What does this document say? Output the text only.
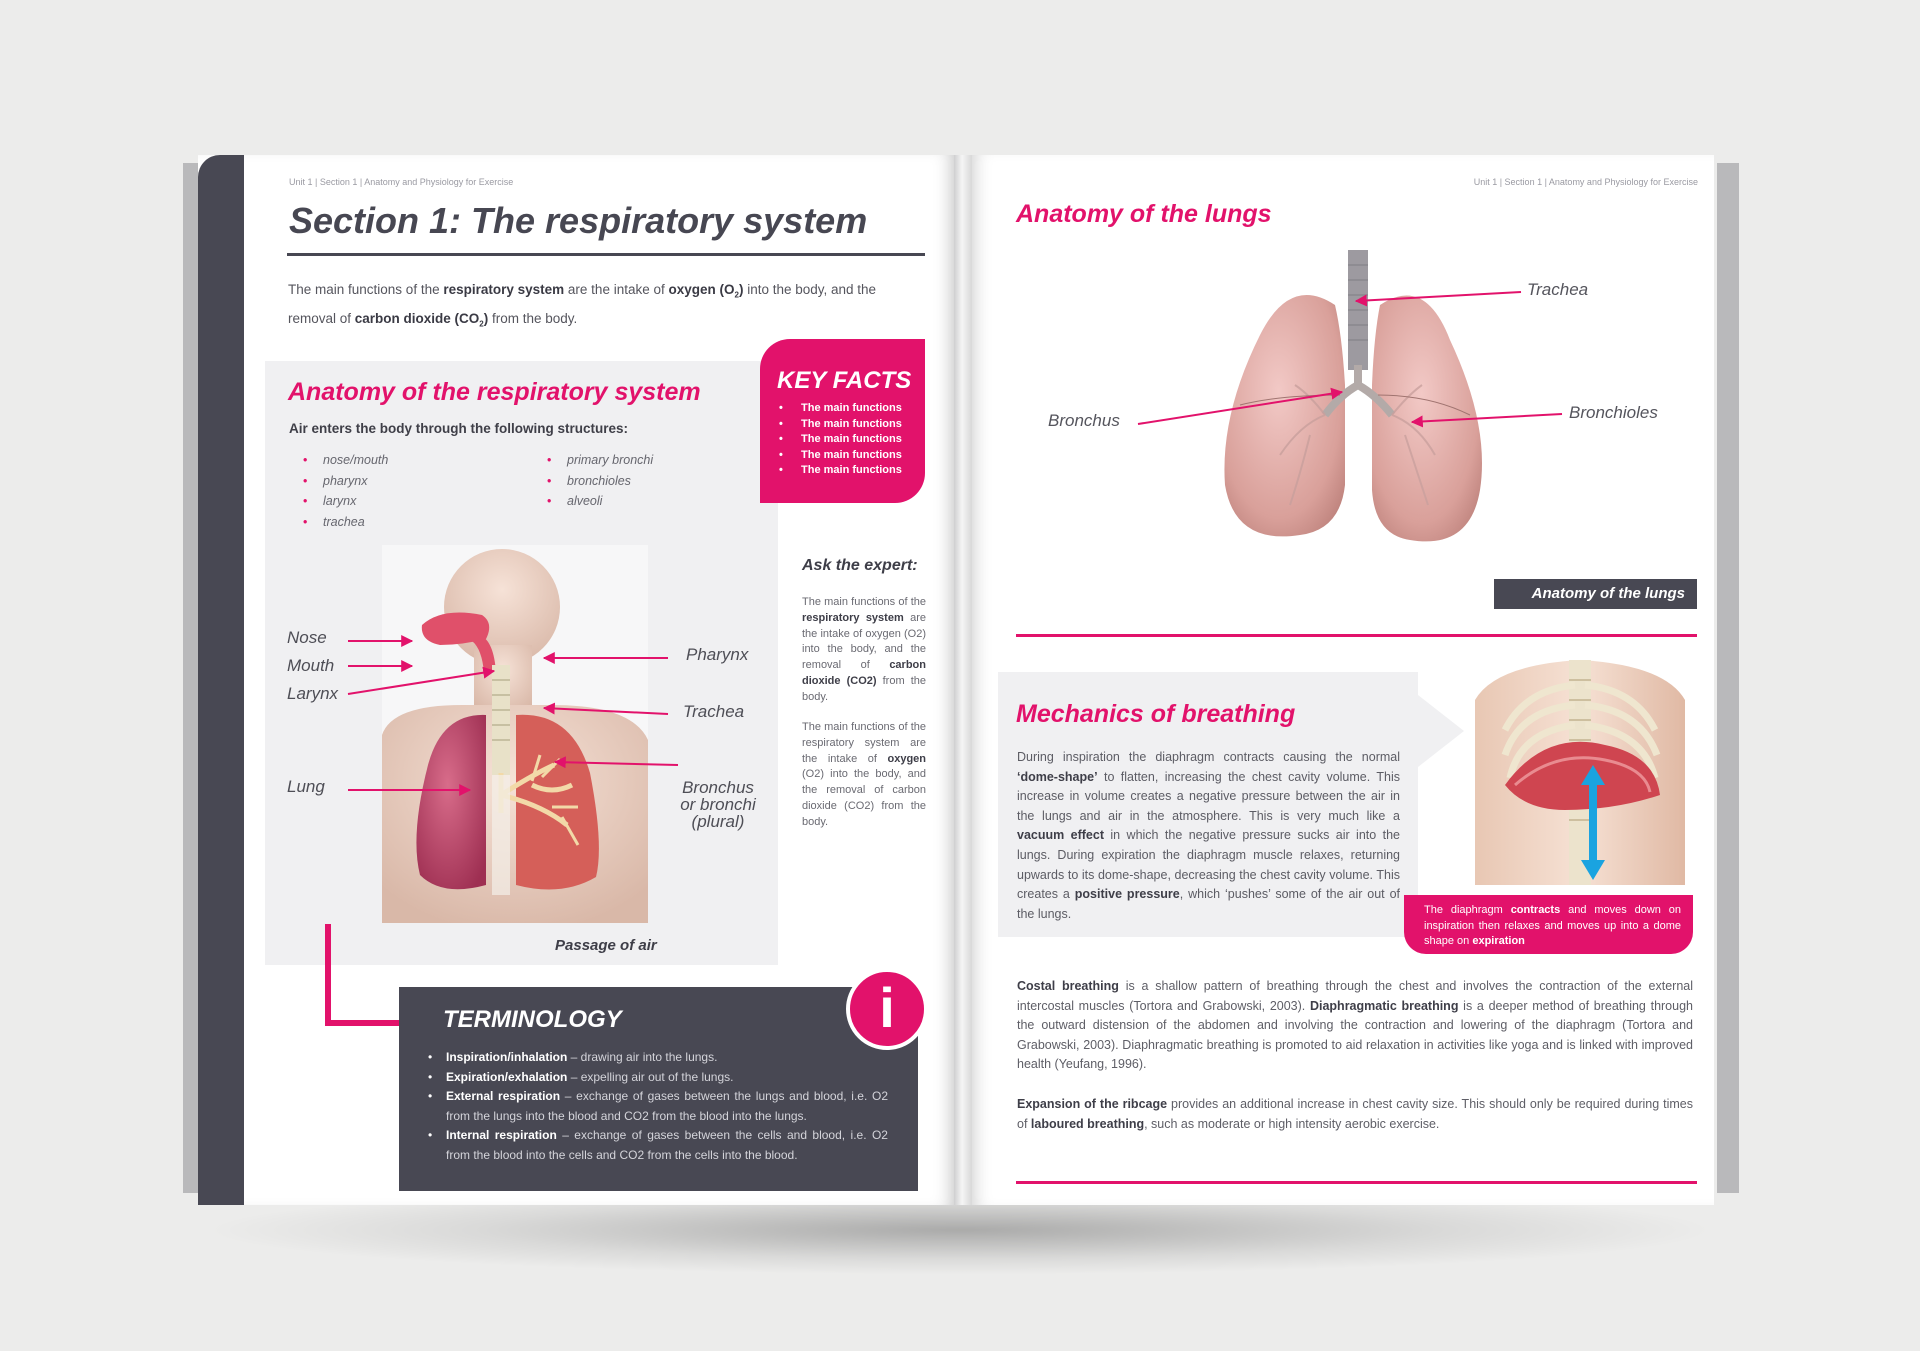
Unit 1 | Section 1 | Anatomy and Physiology for Exercise
Section 1: The respiratory system

The main functions of the respiratory system are the intake of oxygen $(O_2)$ into the body, and the removal of carbon dioxide $(CO_2)$ from the body.

Anatomy of the respiratory system
Air enters the body through the following structures:
• nose/mouth
• pharynx
• larynx
• trachea
• primary bronchi
• bronchioles
• alveoli
KEY FACTS
• The main functions
• The main functions
• The main functions
• The main functions
• The main functions
Ask the expert:

The main functions of the respiratory system are the intake of oxygen (O2) into the body, and the removal of carbon dioxide (CO2) from the body.

The main functions of the respiratory system are the intake of oxygen (O2) into the body, and the removal of carbon dioxide (CO2) from the body.

Nose
Mouth
Larynx
Lung
Pharynx
Trachea
Bronchus
or bronchi
(plural)
Passage of air
TERMINOLOGY
• Inspiration/inhalation – drawing air into the lungs.
• Expiration/exhalation – expelling air out of the lungs.
• External respiration – exchange of gases between the lungs and blood, i.e. O2 from the lungs into the blood and CO2 from the blood into the lungs.
• Internal respiration – exchange of gases between the cells and blood, i.e. O2 from the blood into the cells and CO2 from the cells into the blood.
i
Unit 1 | Section 1 | Anatomy and Physiology for Exercise
Anatomy of the lungs
Trachea
Bronchus	Bronchioles
Anatomy of the lungs
Mechanics of breathing

During inspiration the diaphragm contracts causing the normal ‘dome-shape’ to flatten, increasing the chest cavity volume. This increase in volume creates a negative pressure between the air in the lungs and air in the atmosphere. This is very much like a vacuum effect in which the negative pressure sucks air into the lungs. During expiration the diaphragm muscle relaxes, returning upwards to its dome-shape, decreasing the chest cavity volume. This creates a positive pressure, which ‘pushes’ some of the air out of the lungs.	The diaphragm contracts and moves down on inspiration then relaxes and moves up into a dome shape on expiration

Costal breathing is a shallow pattern of breathing through the chest and involves the contraction of the external intercostal muscles (Tortora and Grabowski, 2003). Diaphragmatic breathing is a deeper method of breathing through the outward distension of the abdomen and involving the contraction and lowering of the diaphragm (Tortora and Grabowski, 2003). Diaphragmatic breathing is promoted to aid relaxation in activities like yoga and is linked with improved health (Yeufang, 1996).

Expansion of the ribcage provides an additional increase in chest cavity size. This should only be required during times of laboured breathing, such as moderate or high intensity aerobic exercise.
